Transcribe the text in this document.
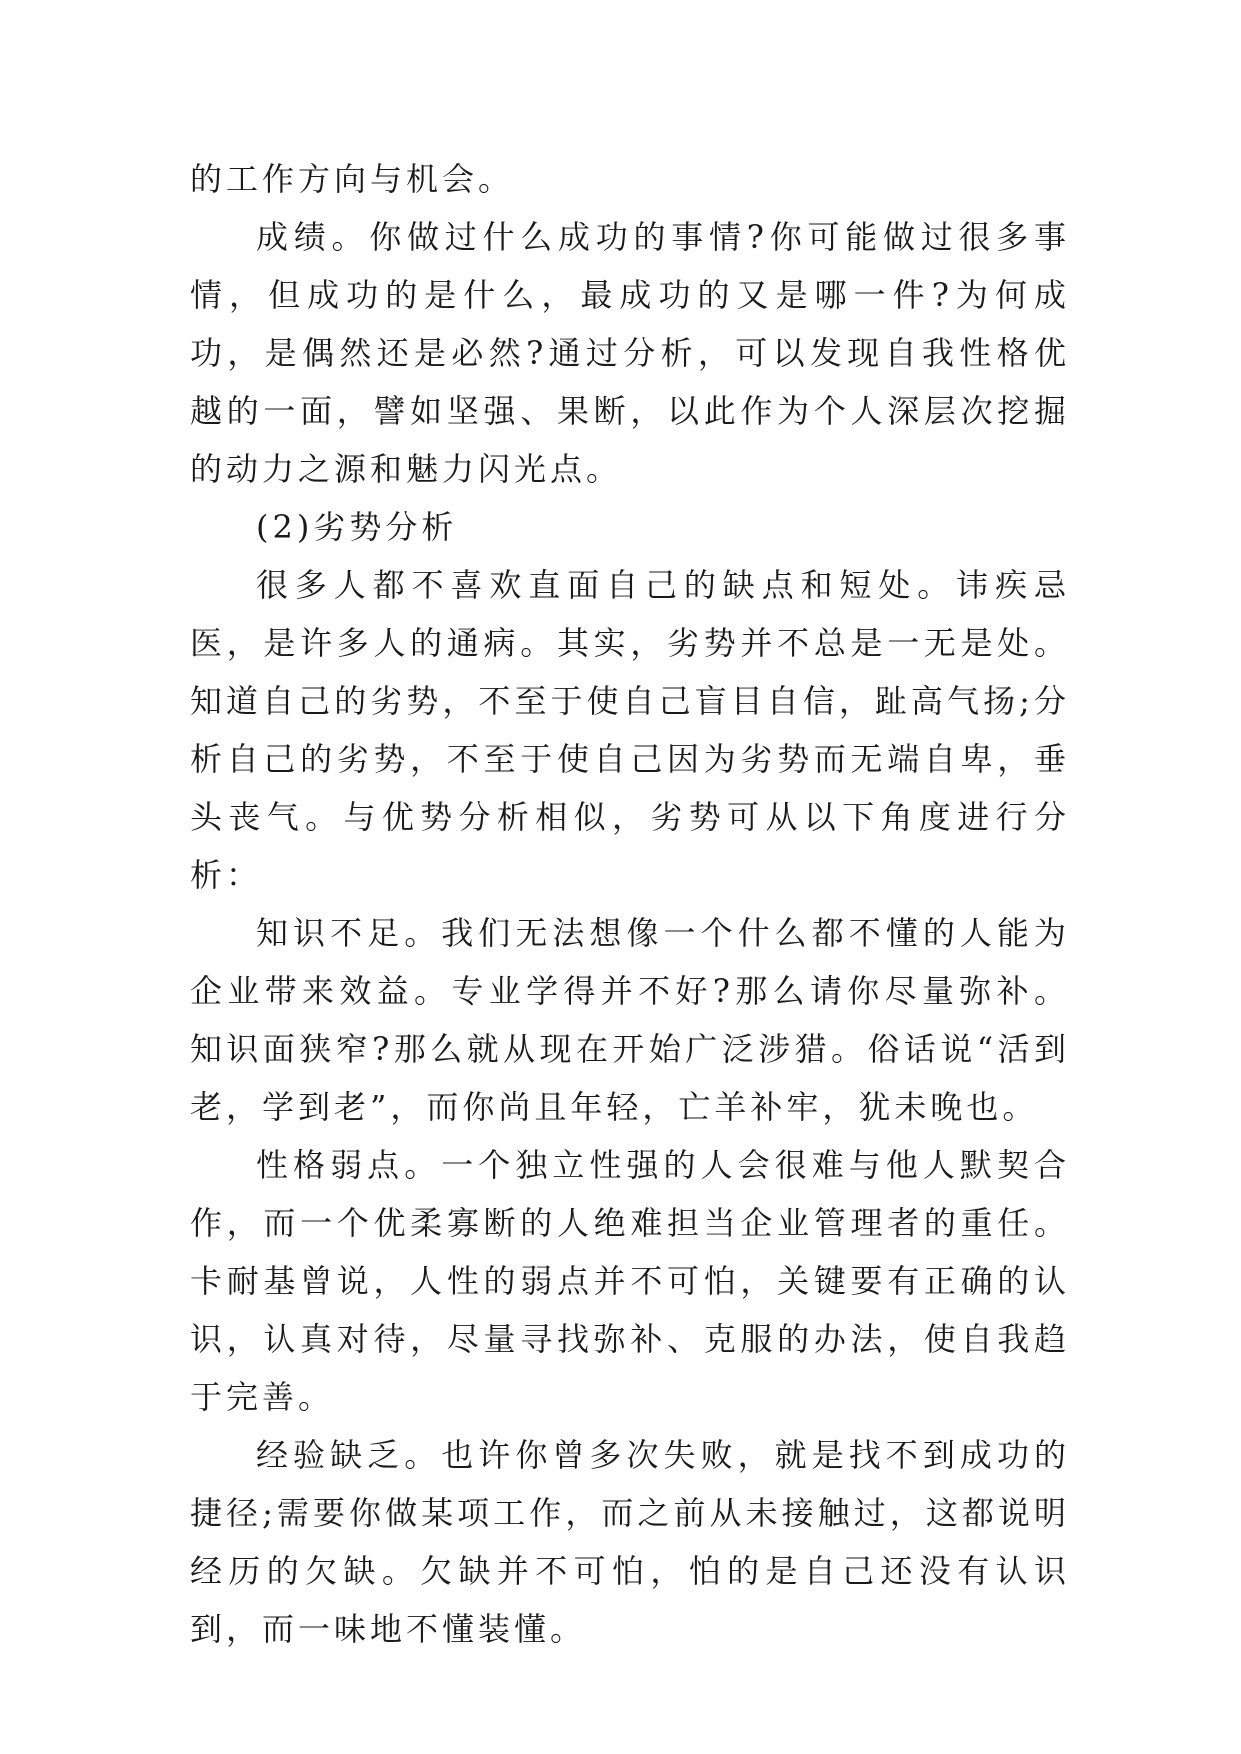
的工作方向与机会。

成绩。你做过什么成功的事情?你可能做过很多事情，但成功的是什么，最成功的又是哪一件?为何成功，是偶然还是必然?通过分析，可以发现自我性格优越的一面，譬如坚强、果断，以此作为个人深层次挖掘的动力之源和魅力闪光点。

(2)劣势分析

很多人都不喜欢直面自己的缺点和短处。讳疾忌医，是许多人的通病。其实，劣势并不总是一无是处。知道自己的劣势，不至于使自己盲目自信，趾高气扬;分析自己的劣势，不至于使自己因为劣势而无端自卑，垂头丧气。与优势分析相似，劣势可从以下角度进行分析：

知识不足。我们无法想像一个什么都不懂的人能为企业带来效益。专业学得并不好?那么请你尽量弥补。知识面狭窄?那么就从现在开始广泛涉猎。俗话说“活到老，学到老”，而你尚且年轻，亡羊补牢，犹未晚也。

性格弱点。一个独立性强的人会很难与他人默契合作，而一个优柔寡断的人绝难担当企业管理者的重任。卡耐基曾说，人性的弱点并不可怕，关键要有正确的认识，认真对待，尽量寻找弥补、克服的办法，使自我趋于完善。

经验缺乏。也许你曾多次失败，就是找不到成功的捷径;需要你做某项工作，而之前从未接触过，这都说明经历的欠缺。欠缺并不可怕，怕的是自己还没有认识到，而一味地不懂装懂。
